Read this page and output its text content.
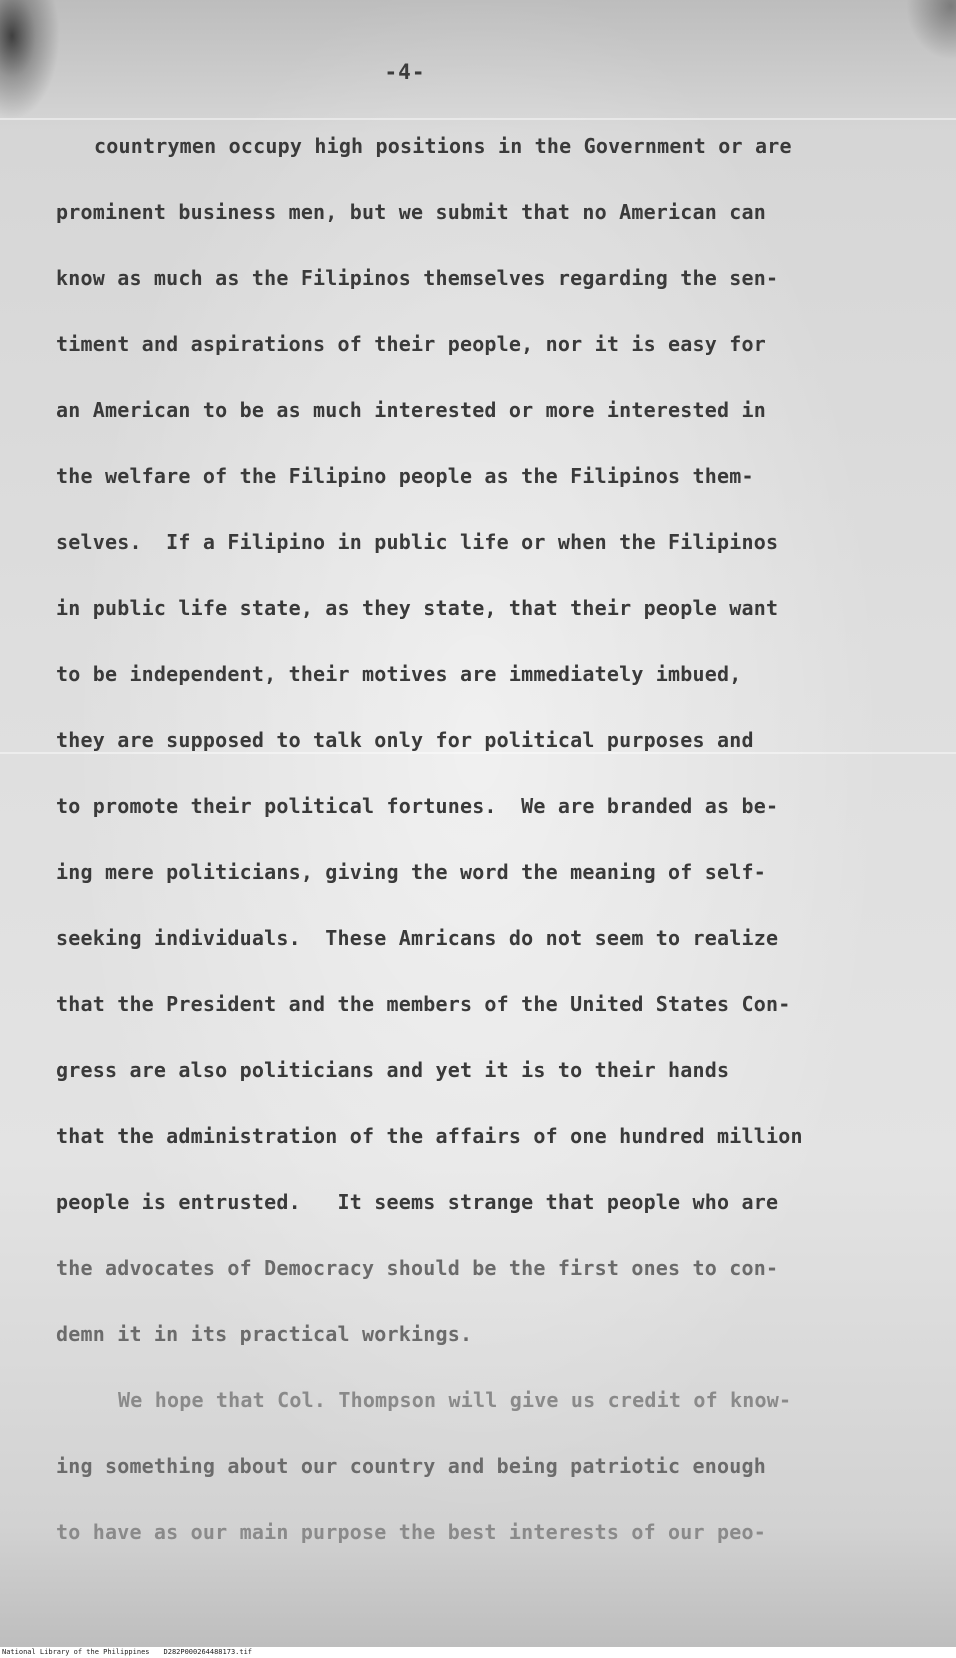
-4-
countrymen occupy high positions in the Government or are
prominent business men, but we submit that no American can
know as much as the Filipinos themselves regarding the sen-
timent and aspirations of their people, nor it is easy for
an American to be as much interested or more interested in
the welfare of the Filipino people as the Filipinos them-
selves.  If a Filipino in public life or when the Filipinos
in public life state, as they state, that their people want
to be independent, their motives are immediately imbued,
they are supposed to talk only for political purposes and
to promote their political fortunes.  We are branded as be-
ing mere politicians, giving the word the meaning of self-
seeking individuals.  These Amricans do not seem to realize
that the President and the members of the United States Con-
gress are also politicians and yet it is to their hands
that the administration of the affairs of one hundred million
people is entrusted.   It seems strange that people who are
the advocates of Democracy should be the first ones to con-
demn it in its practical workings.
We hope that Col. Thompson will give us credit of know-
ing something about our country and being patriotic enough
to have as our main purpose the best interests of our peo-
National Library of the Philippines D282P000264488173.tif
